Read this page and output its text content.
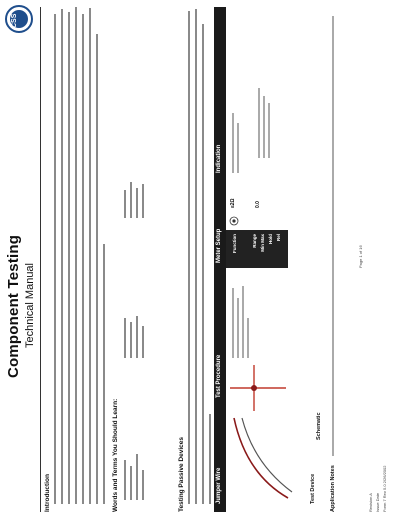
Component Testing Technical Manual
CSS
Introduction	Words and Terms You Should Learn:	Testing Passive Devices	Jumper Wire
Test Procedure
Meter Setup
Indication
Function	Range Min Max Hold Rel
≤2Ω	0.0
Test Device
Schematic
Application Notes
Page 1 of 16
Revision A Issue Date Form 7 Rev 5.0 2/26/2002
